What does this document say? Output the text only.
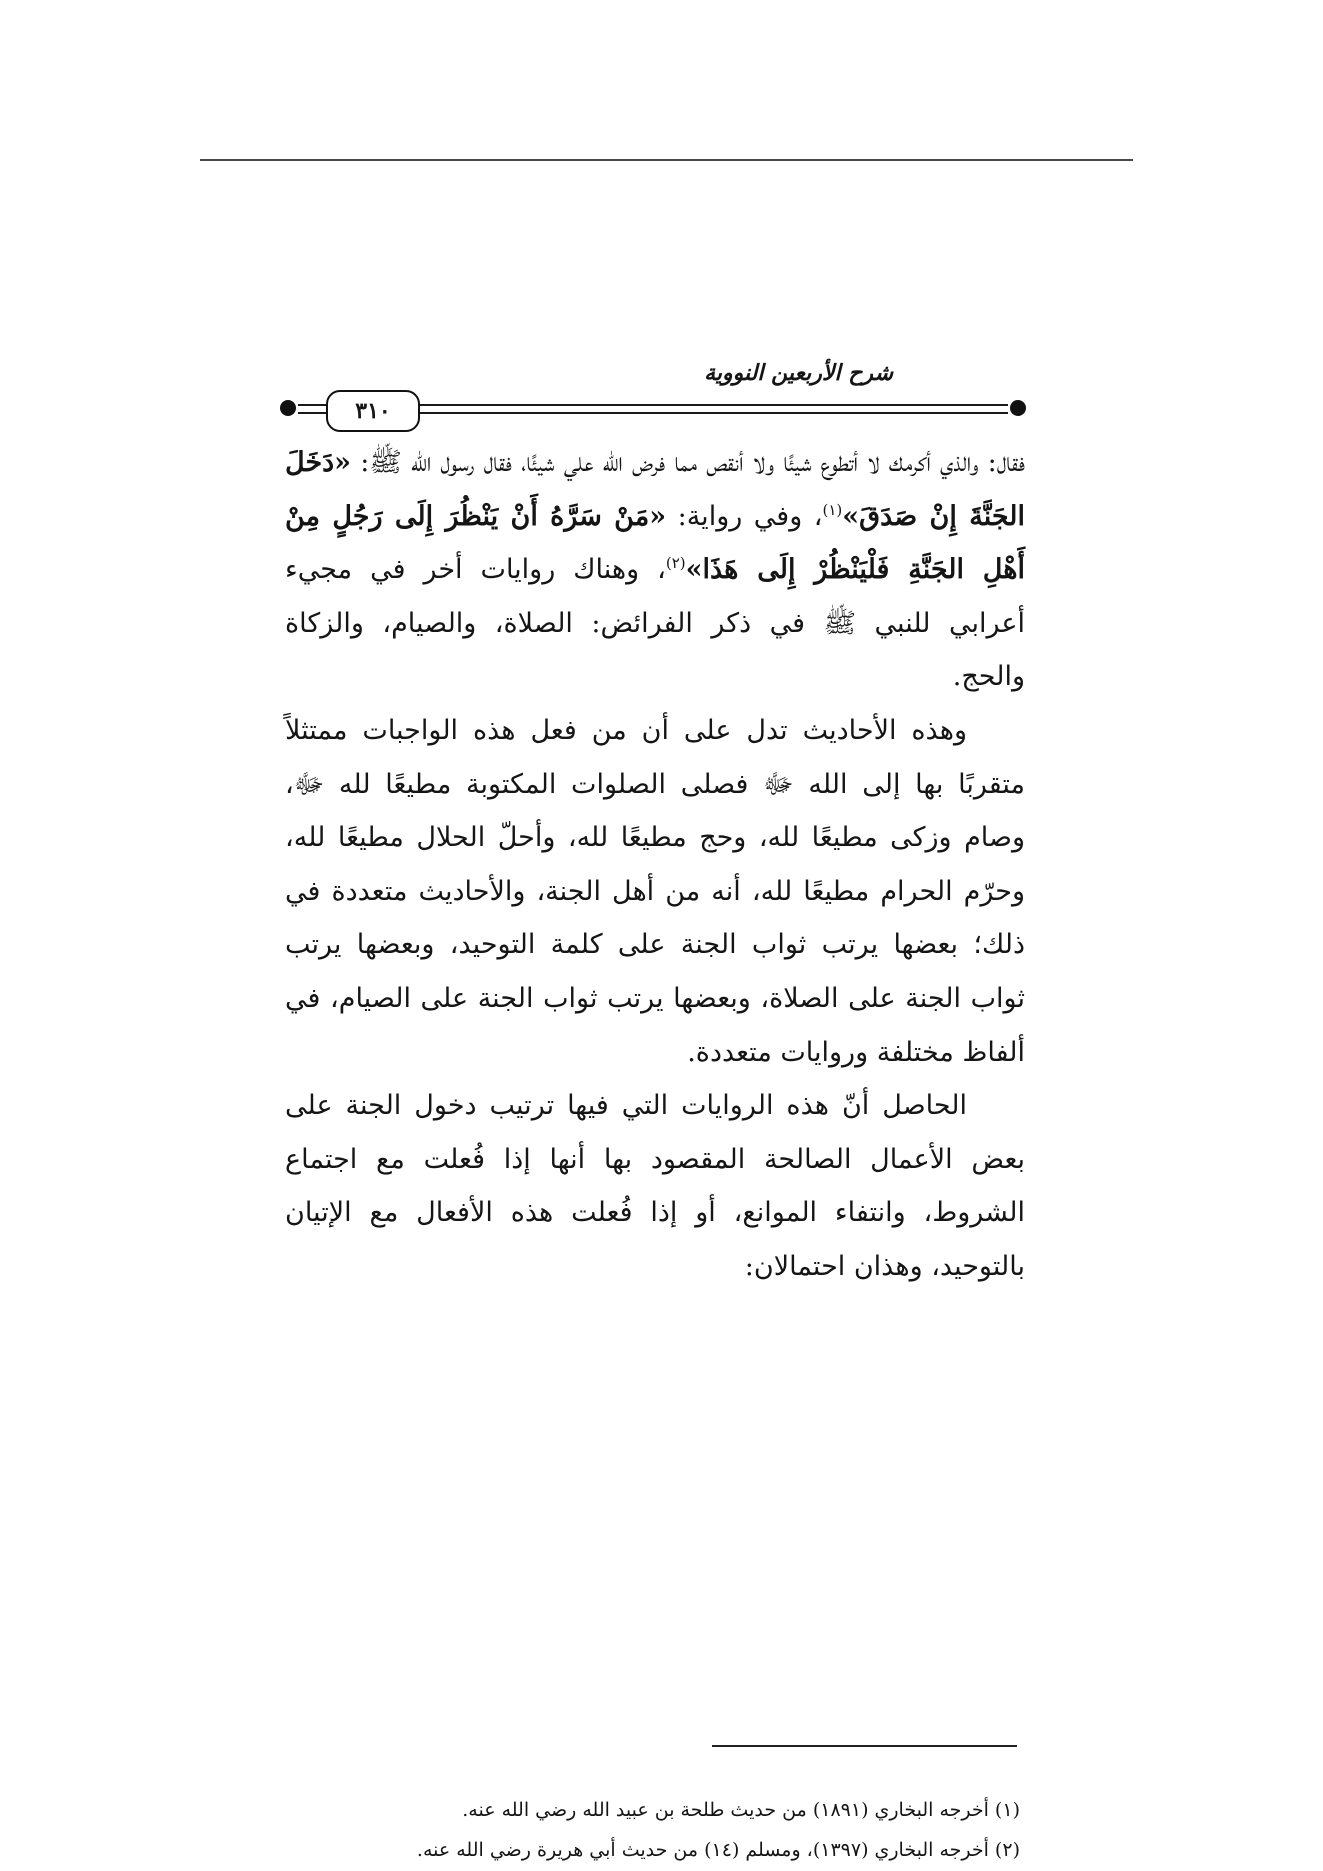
شرح الأربعين النووية
٣١٠

فقال: والذي أكرمك لا أتطوع شيئًا ولا أنقص مما فرض الله علي شيئًا، فقال رسول الله ﷺ: «دَخَلَ الجَنَّةَ إِنْ صَدَقَ»$^{(١)}$، وفي رواية: «مَنْ سَرَّهُ أَنْ يَنْظُرَ إِلَى رَجُلٍ مِنْ أَهْلِ الجَنَّةِ فَلْيَنْظُرْ إِلَى هَذَا»$^{(٢)}$، وهناك روايات أخر في مجيء أعرابي للنبي ﷺ في ذكر الفرائض: الصلاة، والصيام، والزكاة والحج.

وهذه الأحاديث تدل على أن من فعل هذه الواجبات ممتثلاً متقربًا بها إلى الله ﷻ فصلى الصلوات المكتوبة مطيعًا لله ﷻ، وصام وزكى مطيعًا لله، وحج مطيعًا لله، وأحلّ الحلال مطيعًا لله، وحرّم الحرام مطيعًا لله، أنه من أهل الجنة، والأحاديث متعددة في ذلك؛ بعضها يرتب ثواب الجنة على كلمة التوحيد، وبعضها يرتب ثواب الجنة على الصلاة، وبعضها يرتب ثواب الجنة على الصيام، في ألفاظ مختلفة وروايات متعددة.

الحاصل أنّ هذه الروايات التي فيها ترتيب دخول الجنة على بعض الأعمال الصالحة المقصود بها أنها إذا فُعلت مع اجتماع الشروط، وانتفاء الموانع، أو إذا فُعلت هذه الأفعال مع الإتيان بالتوحيد، وهذان احتمالان:

(١) أخرجه البخاري (١٨٩١) من حديث طلحة بن عبيد الله رضي الله عنه.

(٢) أخرجه البخاري (١٣٩٧)، ومسلم (١٤) من حديث أبي هريرة رضي الله عنه.
